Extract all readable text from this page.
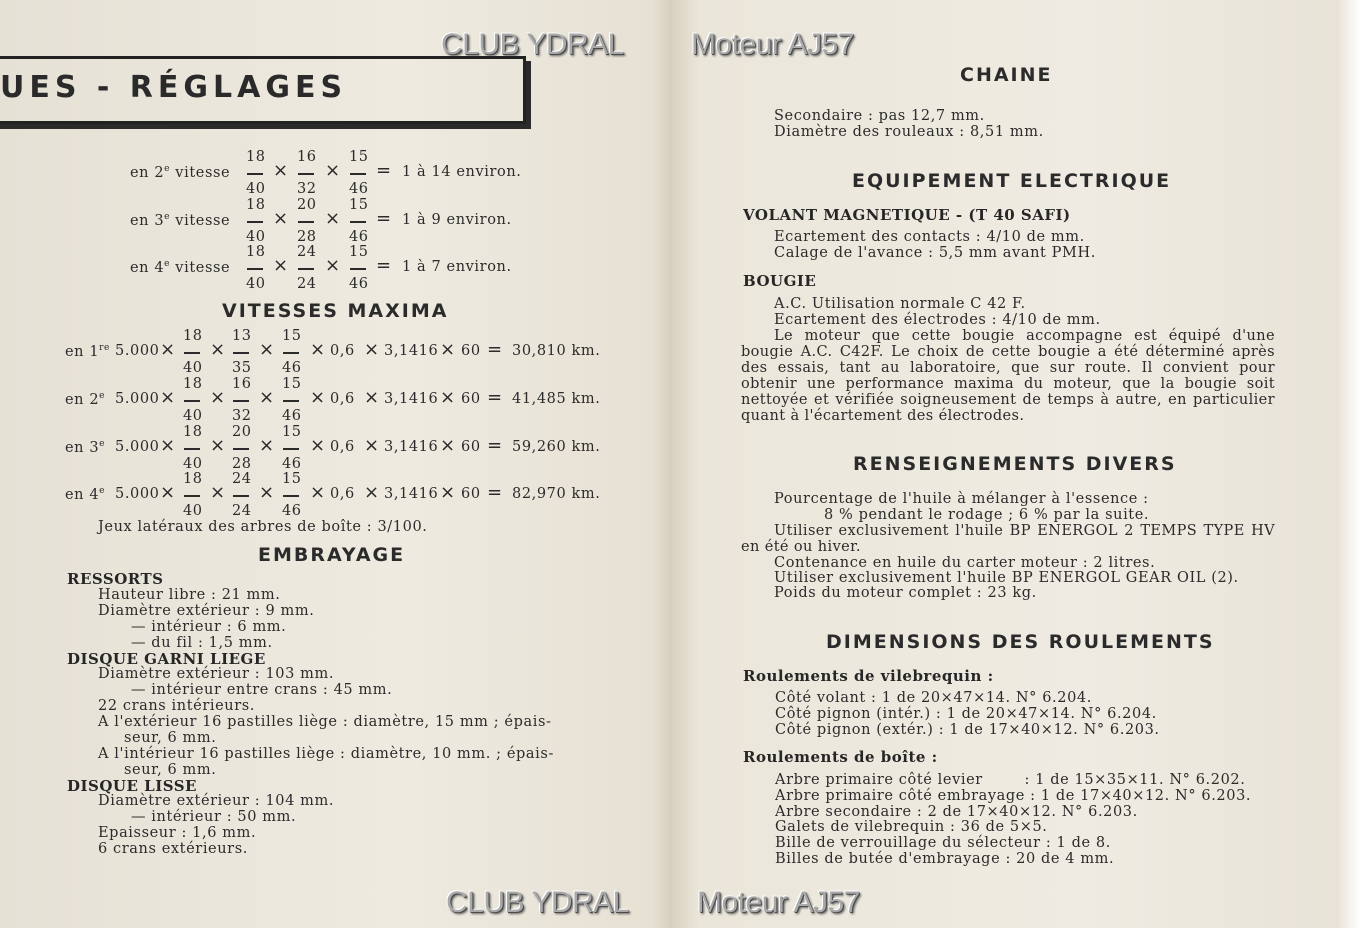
CLUB YDRAL Moteur AJ57
CLUB YDRAL Moteur AJ57
UES - RÉGLAGES
en 2e vitesse
18
40
16
32
15
46
× × = 1 à 14 environ.
en 3e vitesse
18
40
20
28
15
46
× × = 1 à 9 environ.
en 4e vitesse
18
40
24
24
15
46
× × = 1 à 7 environ.
VITESSES MAXIMA
en 1re 5.000 ×
18
40
13
35
15
46
× × × 0,6 × 3,1416 × 60 = 30,810 km.
en 2e 5.000 ×
18
40
16
32
15
46
× × × 0,6 × 3,1416 × 60 = 41,485 km.
en 3e 5.000 ×
18
40
20
28
15
46
× × × 0,6 × 3,1416 × 60 = 59,260 km.
en 4e 5.000 ×
18
40
24
24
15
46
× × × 0,6 × 3,1416 × 60 = 82,970 km.
Jeux latéraux des arbres de boîte : 3/100.
EMBRAYAGE
RESSORTS
Hauteur libre : 21 mm.
Diamètre extérieur : 9 mm.
— intérieur : 6 mm.
— du fil : 1,5 mm.
DISQUE GARNI LIEGE
Diamètre extérieur : 103 mm.
— intérieur entre crans : 45 mm.
22 crans intérieurs.
A l'extérieur 16 pastilles liège : diamètre, 15 mm ; épais-
seur, 6 mm.
A l'intérieur 16 pastilles liège : diamètre, 10 mm. ; épais-
seur, 6 mm.
DISQUE LISSE
Diamètre extérieur : 104 mm.
— intérieur : 50 mm.
Epaisseur : 1,6 mm.
6 crans extérieurs.
CHAINE
Secondaire : pas 12,7 mm.
Diamètre des rouleaux : 8,51 mm.
EQUIPEMENT ELECTRIQUE
VOLANT MAGNETIQUE - (T 40 SAFI)
Ecartement des contacts : 4/10 de mm.
Calage de l'avance : 5,5 mm avant PMH.
BOUGIE
A.C. Utilisation normale C 42 F.
Ecartement des électrodes : 4/10 de mm.
Le moteur que cette bougie accompagne est équipé d'une bougie A.C. C42F. Le choix de cette bougie a été déterminé après des essais, tant au laboratoire, que sur route. Il convient pour obtenir une performance maxima du moteur, que la bougie soit nettoyée et vérifiée soigneusement de temps à autre, en particulier quant à l'écartement des électrodes.
RENSEIGNEMENTS DIVERS
Pourcentage de l'huile à mélanger à l'essence :
8 % pendant le rodage ; 6 % par la suite.
Utiliser exclusivement l'huile BP ENERGOL 2 TEMPS TYPE HV en été ou hiver.
Contenance en huile du carter moteur : 2 litres.
Utiliser exclusivement l'huile BP ENERGOL GEAR OIL (2).
Poids du moteur complet : 23 kg.
DIMENSIONS DES ROULEMENTS
Roulements de vilebrequin :
Côté volant : 1 de 20×47×14. N° 6.204.
Côté pignon (intér.) : 1 de 20×47×14. N° 6.204.
Côté pignon (extér.) : 1 de 17×40×12. N° 6.203.
Roulements de boîte :
Arbre primaire côté levier        : 1 de 15×35×11. N° 6.202.
Arbre primaire côté embrayage : 1 de 17×40×12. N° 6.203.
Arbre secondaire : 2 de 17×40×12. N° 6.203.
Galets de vilebrequin : 36 de 5×5.
Bille de verrouillage du sélecteur : 1 de 8.
Billes de butée d'embrayage : 20 de 4 mm.
